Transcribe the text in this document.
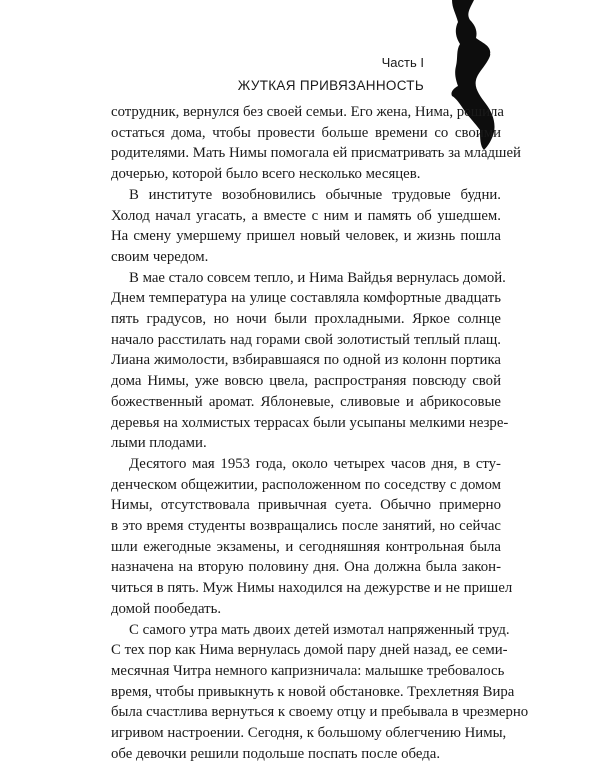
27
Часть I
ЖУТКАЯ ПРИВЯЗАННОСТЬ
сотрудник, вернулся без своей семьи. Его жена, Нима, решила
остаться дома, чтобы провести больше времени со своими
родителями. Мать Нимы помогала ей присматривать за младшей
дочерью, которой было всего несколько месяцев.
В институте возобновились обычные трудовые будни.
Холод начал угасать, а вместе с ним и память об ушедшем.
На смену умершему пришел новый человек, и жизнь пошла
своим чередом.
В мае стало совсем тепло, и Нима Вайдья вернулась домой.
Днем температура на улице составляла комфортные двадцать
пять градусов, но ночи были прохладными. Яркое солнце
начало расстилать над горами свой золотистый теплый плащ.
Лиана жимолости, взбиравшаяся по одной из колонн портика
дома Нимы, уже вовсю цвела, распространяя повсюду свой
божественный аромат. Яблоневые, сливовые и абрикосовые
деревья на холмистых террасах были усыпаны мелкими незре-
лыми плодами.
Десятого мая 1953 года, около четырех часов дня, в сту-
денческом общежитии, расположенном по соседству с домом
Нимы, отсутствовала привычная суета. Обычно примерно
в это время студенты возвращались после занятий, но сейчас
шли ежегодные экзамены, и сегодняшняя контрольная была
назначена на вторую половину дня. Она должна была закон-
читься в пять. Муж Нимы находился на дежурстве и не пришел
домой пообедать.
С самого утра мать двоих детей измотал напряженный труд.
С тех пор как Нима вернулась домой пару дней назад, ее семи-
месячная Читра немного капризничала: малышке требовалось
время, чтобы привыкнуть к новой обстановке. Трехлетняя Вира
была счастлива вернуться к своему отцу и пребывала в чрезмерно
игривом настроении. Сегодня, к большому облегчению Нимы,
обе девочки решили подольше поспать после обеда.
